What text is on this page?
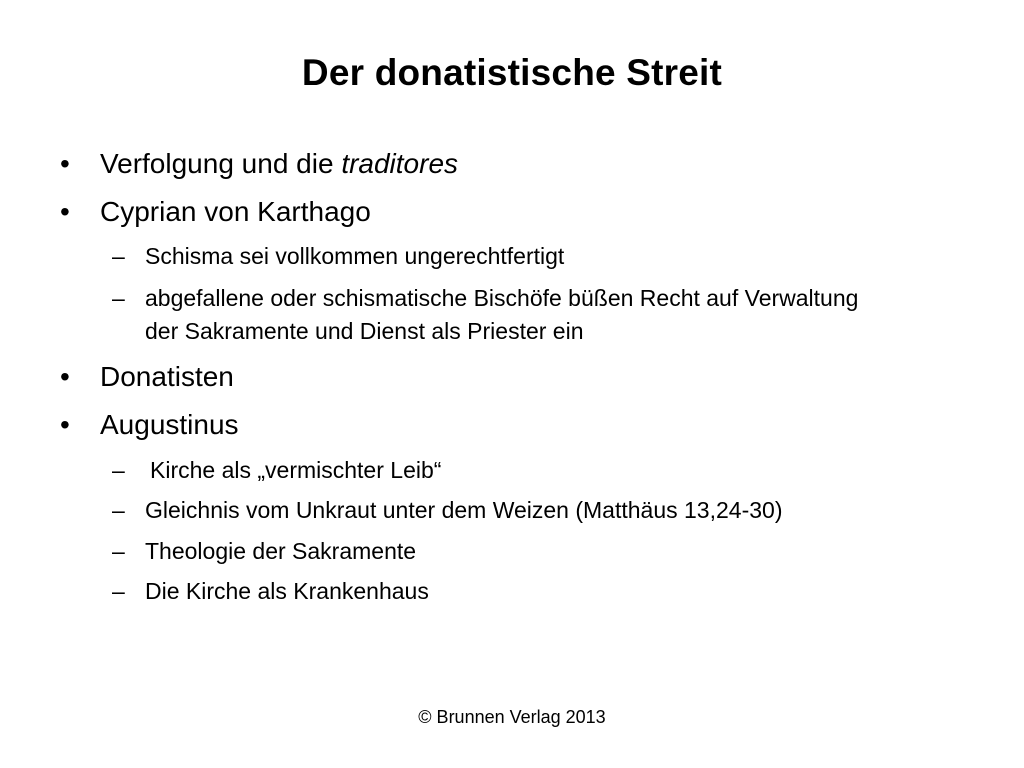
Der donatistische Streit
• Verfolgung und die traditores
• Cyprian von Karthago
– Schisma sei vollkommen ungerechtfertigt
– abgefallene oder schismatische Bischöfe büßen Recht auf Verwaltung
der Sakramente und Dienst als Priester ein
• Donatisten
• Augustinus
– Kirche als „vermischter Leib“
– Gleichnis vom Unkraut unter dem Weizen (Matthäus 13,24-30)
– Theologie der Sakramente
– Die Kirche als Krankenhaus
© Brunnen Verlag 2013
